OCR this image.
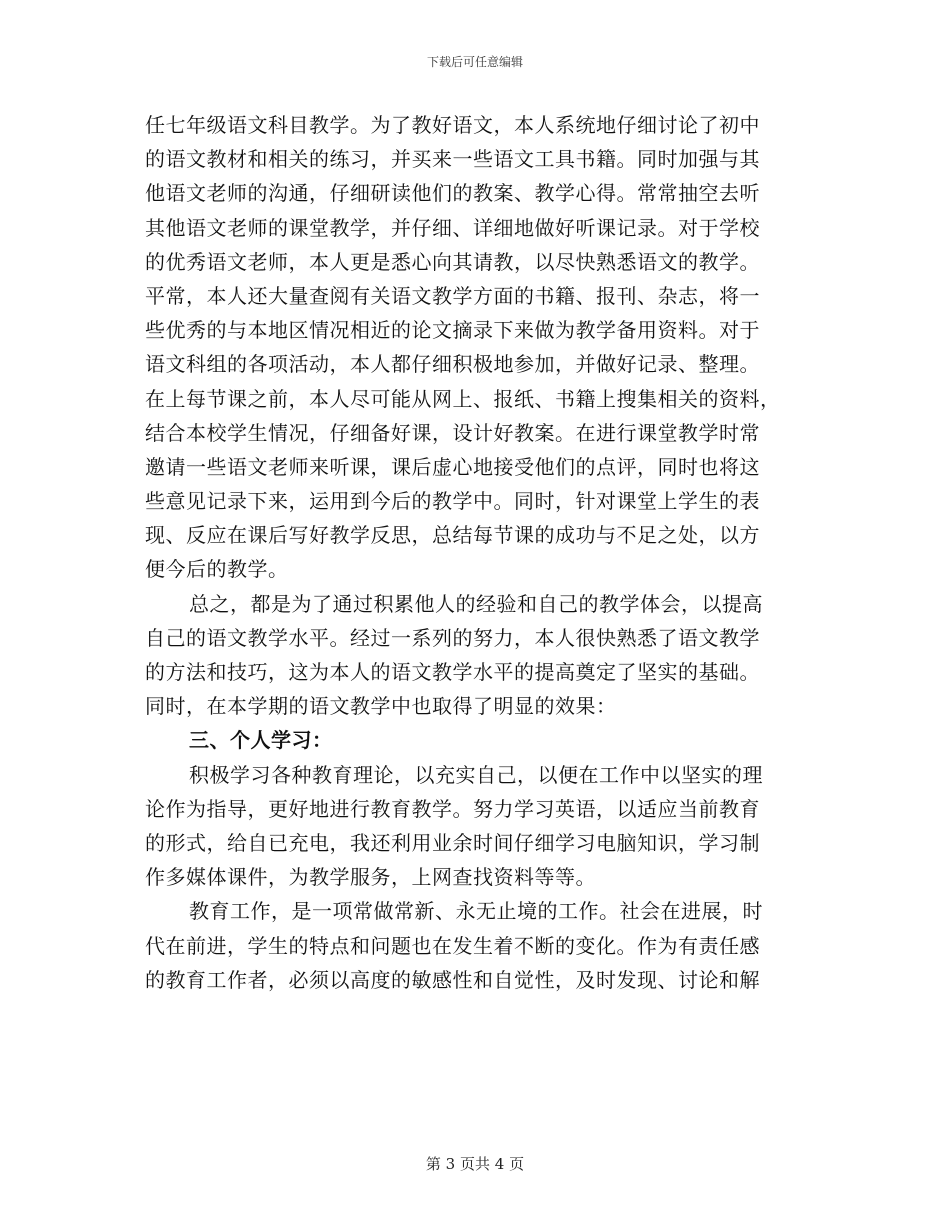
下载后可任意编辑
任七年级语文科目教学。为了教好语文，本人系统地仔细讨论了初中
的语文教材和相关的练习，并买来一些语文工具书籍。同时加强与其
他语文老师的沟通，仔细研读他们的教案、教学心得。常常抽空去听
其他语文老师的课堂教学，并仔细、详细地做好听课记录。对于学校
的优秀语文老师，本人更是悉心向其请教，以尽快熟悉语文的教学。
平常，本人还大量查阅有关语文教学方面的书籍、报刊、杂志，将一
些优秀的与本地区情况相近的论文摘录下来做为教学备用资料。对于
语文科组的各项活动，本人都仔细积极地参加，并做好记录、整理。
在上每节课之前，本人尽可能从网上、报纸、书籍上搜集相关的资料，
结合本校学生情况，仔细备好课，设计好教案。在进行课堂教学时常
邀请一些语文老师来听课，课后虚心地接受他们的点评，同时也将这
些意见记录下来，运用到今后的教学中。同时，针对课堂上学生的表
现、反应在课后写好教学反思，总结每节课的成功与不足之处，以方
便今后的教学。
总之，都是为了通过积累他人的经验和自己的教学体会，以提高
自己的语文教学水平。经过一系列的努力，本人很快熟悉了语文教学
的方法和技巧，这为本人的语文教学水平的提高奠定了坚实的基础。
同时，在本学期的语文教学中也取得了明显的效果：
三、个人学习：
积极学习各种教育理论，以充实自己，以便在工作中以坚实的理
论作为指导，更好地进行教育教学。努力学习英语，以适应当前教育
的形式，给自已充电，我还利用业余时间仔细学习电脑知识，学习制
作多媒体课件，为教学服务，上网查找资料等等。
教育工作，是一项常做常新、永无止境的工作。社会在进展，时
代在前进，学生的特点和问题也在发生着不断的变化。作为有责任感
的教育工作者，必须以高度的敏感性和自觉性，及时发现、讨论和解
第 3 页共 4 页
